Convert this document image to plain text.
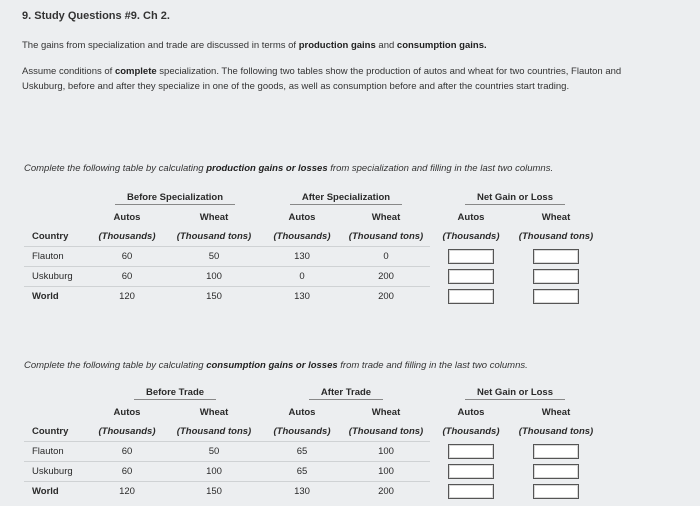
9. Study Questions #9. Ch 2.
The gains from specialization and trade are discussed in terms of production gains and consumption gains.
Assume conditions of complete specialization. The following two tables show the production of autos and wheat for two countries, Flauton and
Uskuburg, before and after they specialize in one of the goods, as well as consumption before and after the countries start trading.
Complete the following table by calculating production gains or losses from specialization and filling in the last two columns.
	Before Specialization		After Specialization		Net Gain or Loss	
	Autos	Wheat	Autos	Wheat	Autos	Wheat
Country	(Thousands)	(Thousand tons)	(Thousands)	(Thousand tons)	(Thousands)	(Thousand tons)
Flauton	60	50	130	0		
Uskuburg	60	100	0	200		
World	120	150	130	200		
Complete the following table by calculating consumption gains or losses from trade and filling in the last two columns.
	Before Trade		After Trade		Net Gain or Loss	
	Autos	Wheat	Autos	Wheat	Autos	Wheat
Country	(Thousands)	(Thousand tons)	(Thousands)	(Thousand tons)	(Thousands)	(Thousand tons)
Flauton	60	50	65	100		
Uskuburg	60	100	65	100		
World	120	150	130	200		
